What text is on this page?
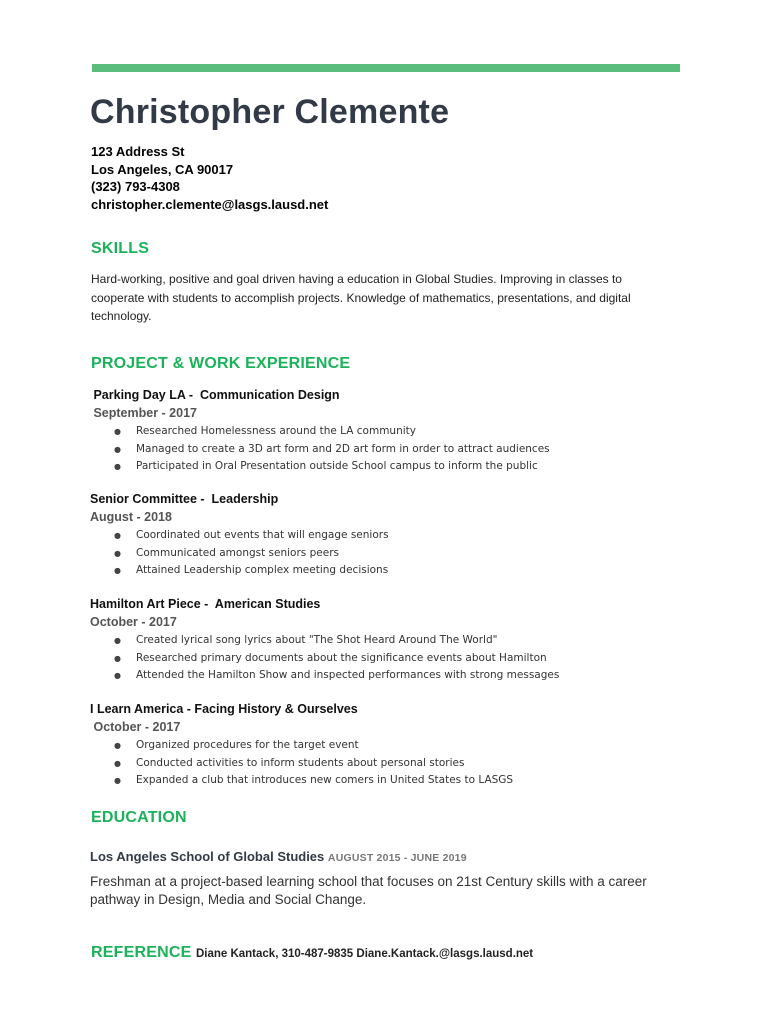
Christopher Clemente
123 Address St
Los Angeles, CA 90017
(323) 793-4308
christopher.clemente@lasgs.lausd.net
SKILLS
Hard-working, positive and goal driven having a education in Global Studies. Improving in classes to cooperate with students to accomplish projects. Knowledge of mathematics, presentations, and digital technology.
PROJECT & WORK EXPERIENCE
Parking Day LA -  Communication Design
September - 2017
● Researched Homelessness around the LA community
● Managed to create a 3D art form and 2D art form in order to attract audiences
● Participated in Oral Presentation outside School campus to inform the public
Senior Committee -  Leadership
August - 2018
● Coordinated out events that will engage seniors
● Communicated amongst seniors peers
● Attained Leadership complex meeting decisions
Hamilton Art Piece -  American Studies
October - 2017
● Created lyrical song lyrics about "The Shot Heard Around The World"
● Researched primary documents about the significance events about Hamilton
● Attended the Hamilton Show and inspected performances with strong messages
I Learn America - Facing History & Ourselves
October - 2017
● Organized procedures for the target event
● Conducted activities to inform students about personal stories
● Expanded a club that introduces new comers in United States to LASGS
EDUCATION
Los Angeles School of Global Studies AUGUST 2015 - JUNE 2019
Freshman at a project-based learning school that focuses on 21st Century skills with a career pathway in Design, Media and Social Change.
REFERENCE Diane Kantack, 310-487-9835 Diane.Kantack.@lasgs.lausd.net
